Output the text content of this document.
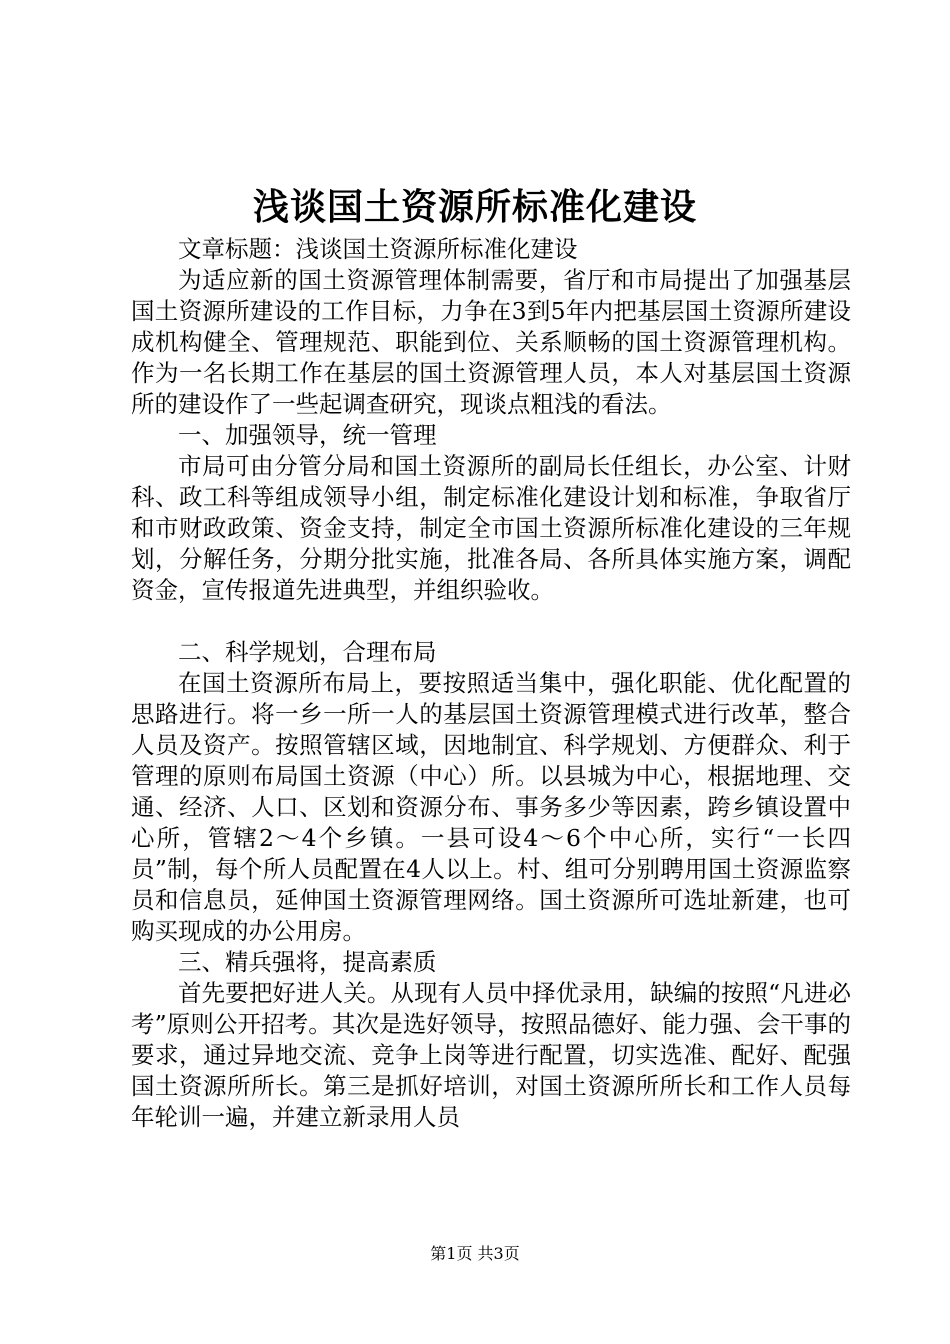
浅谈国土资源所标准化建设

文章标题：浅谈国土资源所标准化建设

为适应新的国土资源管理体制需要，省厅和市局提出了加强基层国土资源所建设的工作目标，力争在3到5年内把基层国土资源所建设成机构健全、管理规范、职能到位、关系顺畅的国土资源管理机构。作为一名长期工作在基层的国土资源管理人员，本人对基层国土资源所的建设作了一些起调查研究，现谈点粗浅的看法。

一、加强领导，统一管理

市局可由分管分局和国土资源所的副局长任组长，办公室、计财科、政工科等组成领导小组，制定标准化建设计划和标准，争取省厅和市财政政策、资金支持，制定全市国土资源所标准化建设的三年规划，分解任务，分期分批实施，批准各局、各所具体实施方案，调配资金，宣传报道先进典型，并组织验收。

二、科学规划，合理布局

在国土资源所布局上，要按照适当集中，强化职能、优化配置的思路进行。将一乡一所一人的基层国土资源管理模式进行改革，整合人员及资产。按照管辖区域，因地制宜、科学规划、方便群众、利于管理的原则布局国土资源（中心）所。以县城为中心，根据地理、交通、经济、人口、区划和资源分布、事务多少等因素，跨乡镇设置中心所，管辖2～4个乡镇。一县可设4～6个中心所，实行“一长四员”制，每个所人员配置在4人以上。村、组可分别聘用国土资源监察员和信息员，延伸国土资源管理网络。国土资源所可选址新建，也可购买现成的办公用房。

三、精兵强将，提高素质

首先要把好进人关。从现有人员中择优录用，缺编的按照“凡进必考”原则公开招考。其次是选好领导，按照品德好、能力强、会干事的要求，通过异地交流、竞争上岗等进行配置，切实选准、配好、配强国土资源所所长。第三是抓好培训，对国土资源所所长和工作人员每年轮训一遍，并建立新录用人员

第1页 共3页
